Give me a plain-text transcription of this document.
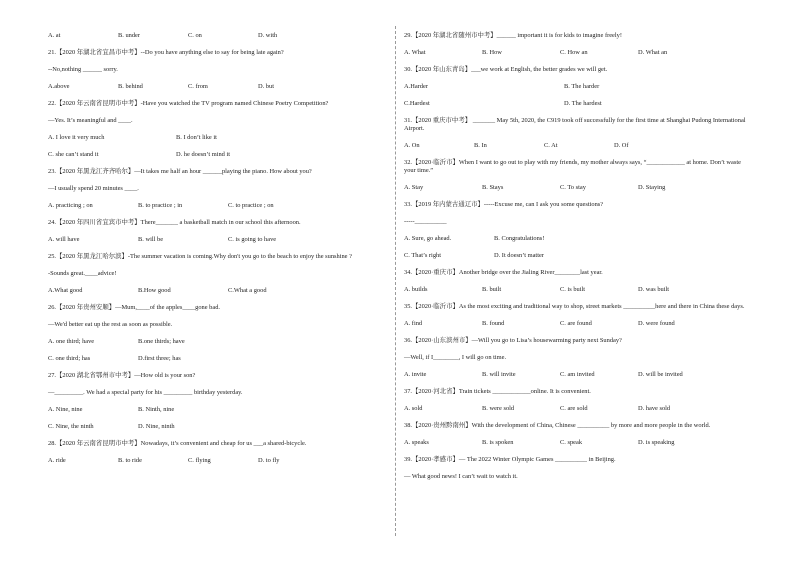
A. at	B. under	C. on	D. with
21.【2020 年湖北省宜昌市中考】--Do you have anything else to say for being late again?
--No,nothing ______ sorry.
A.above	B. behind	C. from	D. but
22.【2020 年云南省昆明市中考】-Have you watched the TV program named Chinese Poetry Competition?
—Yes. It’s meaningful and ____.
A. I love it very much	B. I don’t like it
C. she can’t stand it	D. he doesn’t mind it
23.【2020 年黑龙江齐齐哈尔】—It takes me half an hour ______playing the piano. How about you?
—I usually spend 20 minutes ____.
A. practicing ; on	B. to practice ; in	C. to practice ; on
24.【2020 年四川省宜宾市中考】There_______ a basketball match in our school this afternoon.
A. will have	B. will be	C. is going to have
25.【2020 年黑龙江哈尔滨】-The summer vacation is coming.Why don't you go to the beach to enjoy the sunshine ?
-Sounds great.____advice!
A.What good	B.How good	C.What a good
26.【2020 年贵州安顺】—Mum,____of the apples____gone bad.
—We'd better eat up the rest as soon as possible.
A. one third; have	B.one thirds; have
C. one third; has	D.first three; has
27.【2020 湖北省鄂州市中考】—How old is your son?
—_________. We had a special party for his _________ birthday yesterday.
A. Nine, nine	B. Ninth, nine
C. Nine, the ninth	D. Nine, ninth
28.【2020 年云南省昆明市中考】Nowadays, it’s convenient and cheap for us ___a shared-bicycle.
A. ride	B. to ride	C. flying	D. to fly
29.【2020 年湖北省随州市中考】______ important it is for kids to imagine freely!
A. What	B. How	C. How an	D. What an
30.【2020 年山东青岛】___we work at English, the better grades we will get.
A.Harder	B. The harder
C.Hardest	D. The hardest
31.【2020 重庆市中考】 _______ May 5th, 2020, the C919 took off successfully for the first time at Shanghai Pudong International Airport.
A. On	B. In	C. At	D. Of
32.【2020·临沂市】When I want to go out to play with my friends, my mother always says, “____________ at home. Don’t waste your time.”
A. Stay	B. Stays	C. To stay	D. Staying
33.【2019 年内蒙古通辽市】-----Excuse me, can I ask you some questions?
-----__________
A. Sure, go ahead.	B. Congratulations!
C. That’s right	D. It doesn’t matter
34.【2020·重庆市】Another bridge over the Jialing River________last year.
A. builds	B. built	C. is built	D. was built
35.【2020·临沂市】As the most exciting and traditional way to shop, street markets __________here and there in China these days.
A. find	B. found	C. are found	D. were found
36.【2020·山东滨州市】—Will you go to Lisa’s housewarming party next Sunday?
—Well, if I________, I will go on time.
A. invite	B. will invite	C. am invited	D. will be invited
37.【2020·河北省】Train tickets ____________online. It is convenient.
A. sold	B. were sold	C. are sold	D. have sold
38.【2020·贵州黔南州】With the development of China, Chinese __________ by more and more people in the world.
A. speaks	B. is spoken	C. speak	D. is speaking
39.【2020·孝感市】— The 2022 Winter Olympic Games __________ in Beijing.
— What good news! I can’t wait to watch it.
